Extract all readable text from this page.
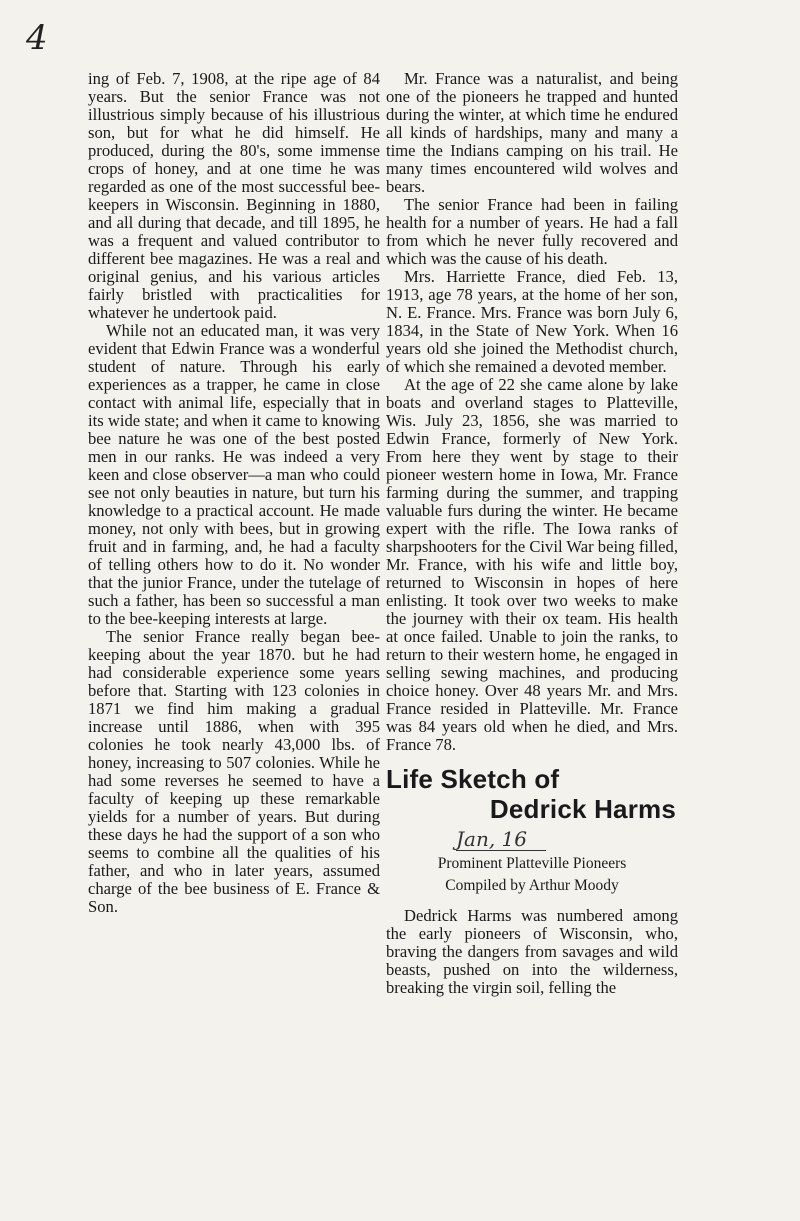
4

ing of Feb. 7, 1908, at the ripe age of 84 years. But the senior France was not illustrious simply because of his illustrious son, but for what he did himself. He produced, during the 80's, some immense crops of honey, and at one time he was regarded as one of the most successful bee-keepers in Wisconsin. Beginning in 1880, and all during that decade, and till 1895, he was a frequent and valued contributor to different bee magazines. He was a real and original genius, and his various articles fairly bristled with practicalities for whatever he undertook paid.

While not an educated man, it was very evident that Edwin France was a wonderful student of nature. Through his early experiences as a trapper, he came in close contact with animal life, especially that in its wide state; and when it came to knowing bee nature he was one of the best posted men in our ranks. He was indeed a very keen and close observer—a man who could see not only beauties in nature, but turn his knowledge to a practical account. He made money, not only with bees, but in growing fruit and in farming, and, he had a faculty of telling others how to do it. No wonder that the junior France, under the tutelage of such a father, has been so successful a man to the bee-keeping interests at large.

The senior France really began bee-keeping about the year 1870. but he had had considerable experience some years before that. Starting with 123 colonies in 1871 we find him making a gradual increase until 1886, when with 395 colonies he took nearly 43,000 lbs. of honey, increasing to 507 colonies. While he had some reverses he seemed to have a faculty of keeping up these remarkable yields for a number of years. But during these days he had the support of a son who seems to combine all the qualities of his father, and who in later years, assumed charge of the bee business of E. France & Son.

Mr. France was a naturalist, and being one of the pioneers he trapped and hunted during the winter, at which time he endured all kinds of hardships, many and many a time the Indians camping on his trail. He many times encountered wild wolves and bears.

The senior France had been in failing health for a number of years. He had a fall from which he never fully recovered and which was the cause of his death.

Mrs. Harriette France, died Feb. 13, 1913, age 78 years, at the home of her son, N. E. France. Mrs. France was born July 6, 1834, in the State of New York. When 16 years old she joined the Methodist church, of which she remained a devoted member.

At the age of 22 she came alone by lake boats and overland stages to Platteville, Wis. July 23, 1856, she was married to Edwin France, formerly of New York. From here they went by stage to their pioneer western home in Iowa, Mr. France farming during the summer, and trapping valuable furs during the winter. He became expert with the rifle. The Iowa ranks of sharpshooters for the Civil War being filled, Mr. France, with his wife and little boy, returned to Wisconsin in hopes of here enlisting. It took over two weeks to make the journey with their ox team. His health at once failed. Unable to join the ranks, to return to their western home, he engaged in selling sewing machines, and producing choice honey. Over 48 years Mr. and Mrs. France resided in Platteville. Mr. France was 84 years old when he died, and Mrs. France 78.

Life Sketch of
Dedrick Harms
Jan, 16
Prominent Platteville Pioneers
Compiled by Arthur Moody

Dedrick Harms was numbered among the early pioneers of Wisconsin, who, braving the dangers from savages and wild beasts, pushed on into the wilderness, breaking the virgin soil, felling the
